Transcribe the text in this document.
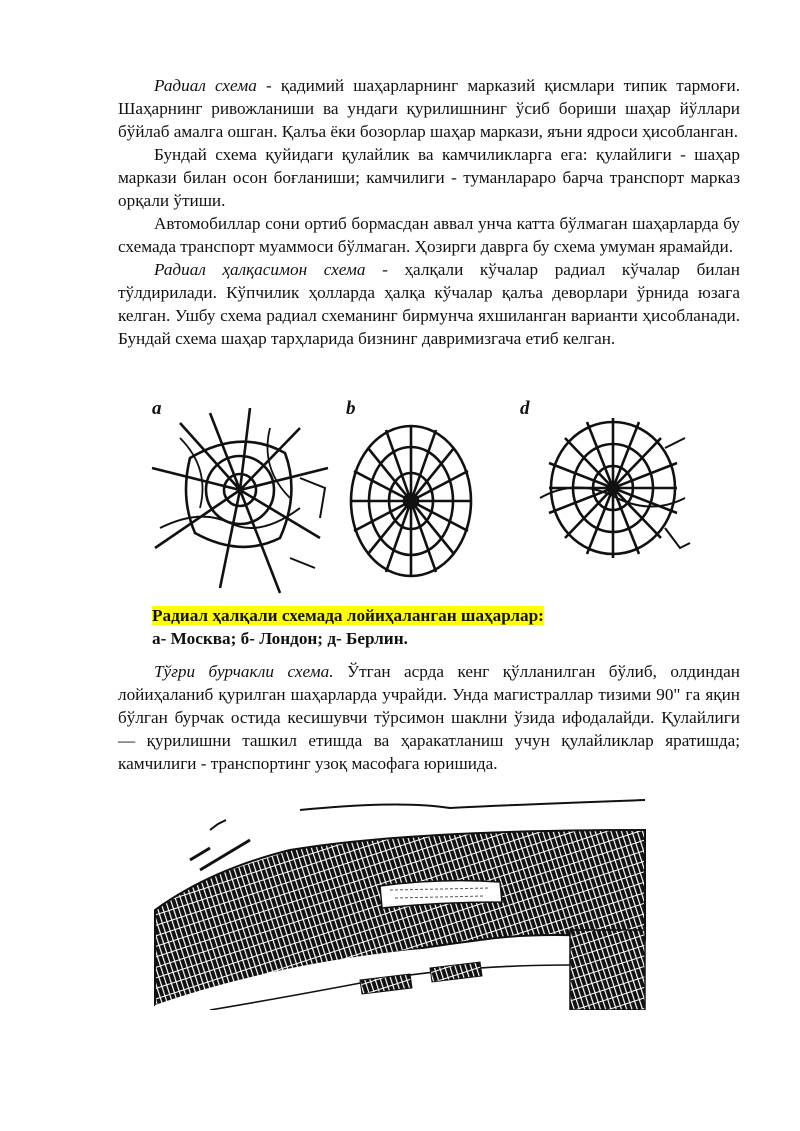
Радиал схема - қадимий шаҳарларнинг марказий қисмлари типик тармоғи. Шаҳарнинг ривожланиши ва ундаги қурилишнинг ўсиб бориши шаҳар йўллари бўйлаб амалга ошган. Қалъа ёки бозорлар шаҳар маркази, яъни ядроси ҳисобланган.

Бундай схема қуйидаги қулайлик ва камчиликларга ега: қулайлиги - шаҳар маркази билан осон боғланиши; камчилиги - туманлараро барча транспорт марказ орқали ўтиши.

Автомобиллар сони ортиб бормасдан аввал унча катта бўлмаган шаҳарларда бу схемада транспорт муаммоси бўлмаган. Ҳозирги даврга бу схема умуман ярамайди.

Радиал ҳалқасимон схема - ҳалқали кўчалар радиал кўчалар билан тўлдирилади. Кўпчилик ҳолларда ҳалқа кўчалар қалъа деворлари ўрнида юзага келган. Ушбу схема радиал схеманинг бирмунча яхшиланган варианти ҳисобланади. Бундай схема шаҳар тарҳларида бизнинг давримизгача етиб келган.

a	b	d
Радиал ҳалқали схемада лойиҳаланган шаҳарлар:
а- Москва; б- Лондон; д- Берлин.

Тўғри бурчакли схема. Ўтган асрда кенг қўлланилган бўлиб, олдиндан лойиҳаланиб қурилган шаҳарларда учрайди. Унда магистраллар тизими 90" га яқин бўлган бурчак остида кесишувчи тўрсимон шаклни ўзида ифодалайди. Қулайлиги — қурилишни ташкил етишда ва ҳаракатланиш учун қулайликлар яратишда; камчилиги - транспортинг узоқ масофага юришида.
